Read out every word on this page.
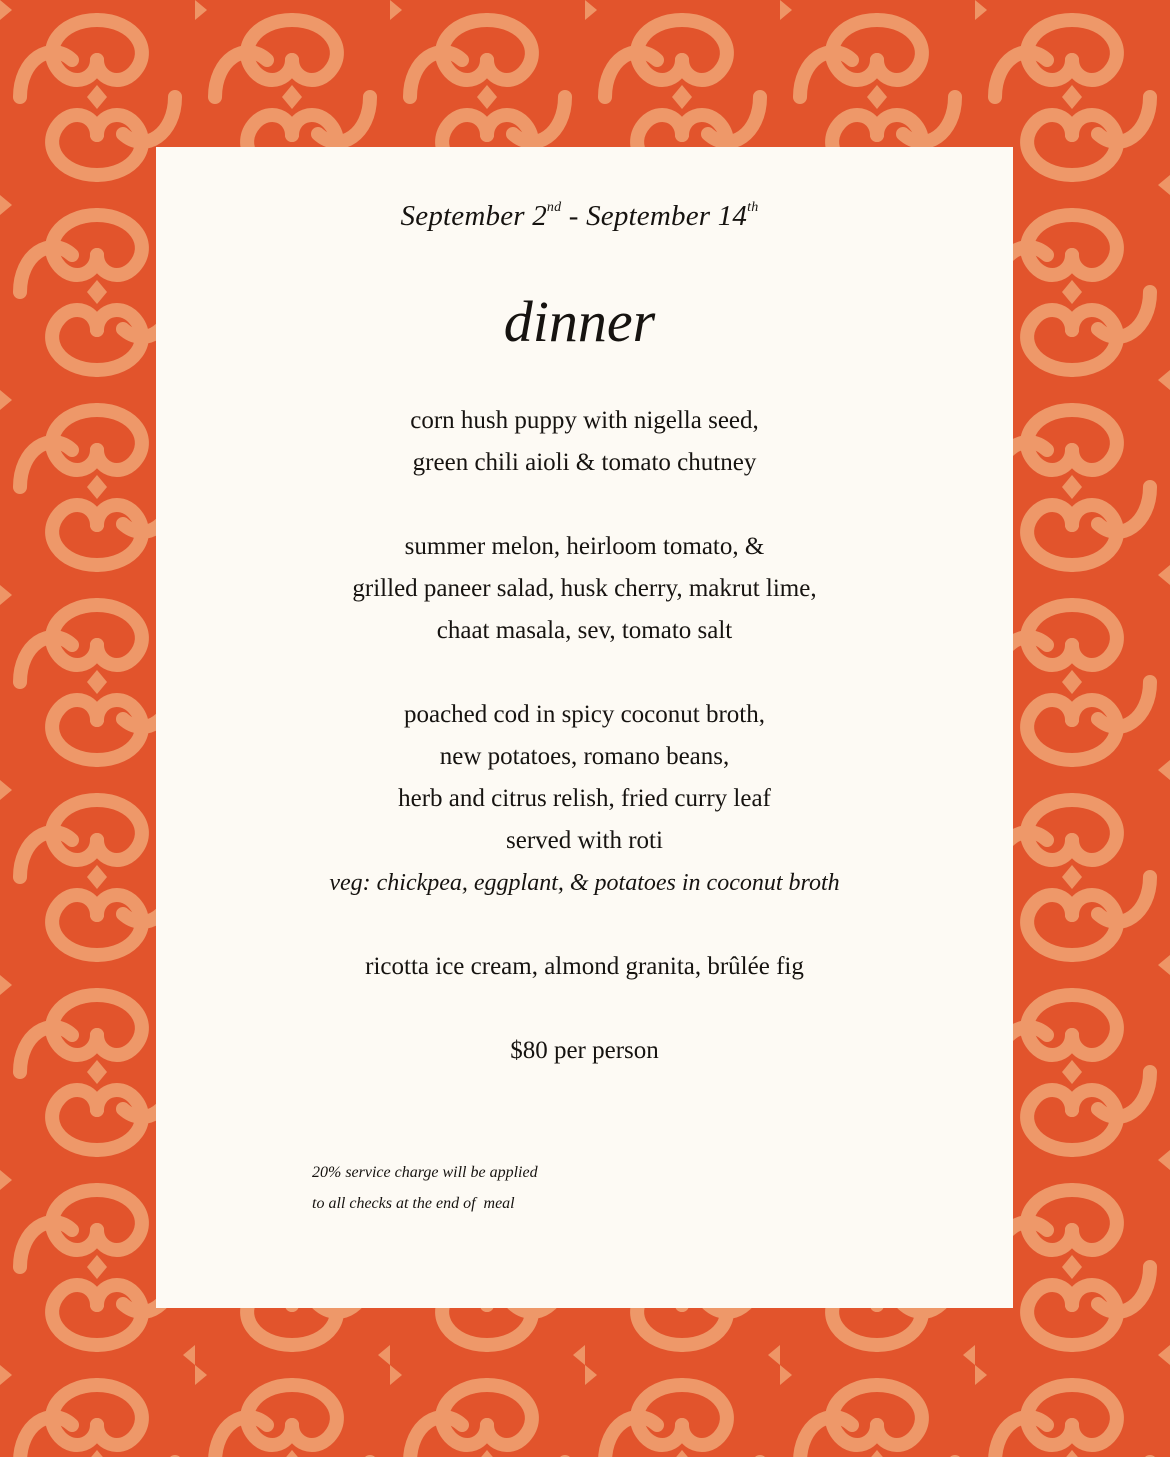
September 2nd - September 14th
dinner
corn hush puppy with nigella seed,
green chili aioli & tomato chutney
summer melon, heirloom tomato, &
grilled paneer salad, husk cherry, makrut lime,
chaat masala, sev, tomato salt
poached cod in spicy coconut broth,
new potatoes, romano beans,
herb and citrus relish, fried curry leaf
served with roti
veg: chickpea, eggplant, & potatoes in coconut broth
ricotta ice cream, almond granita, brûlée fig
$80 per person
20% service charge will be applied
to all checks at the end of  meal
